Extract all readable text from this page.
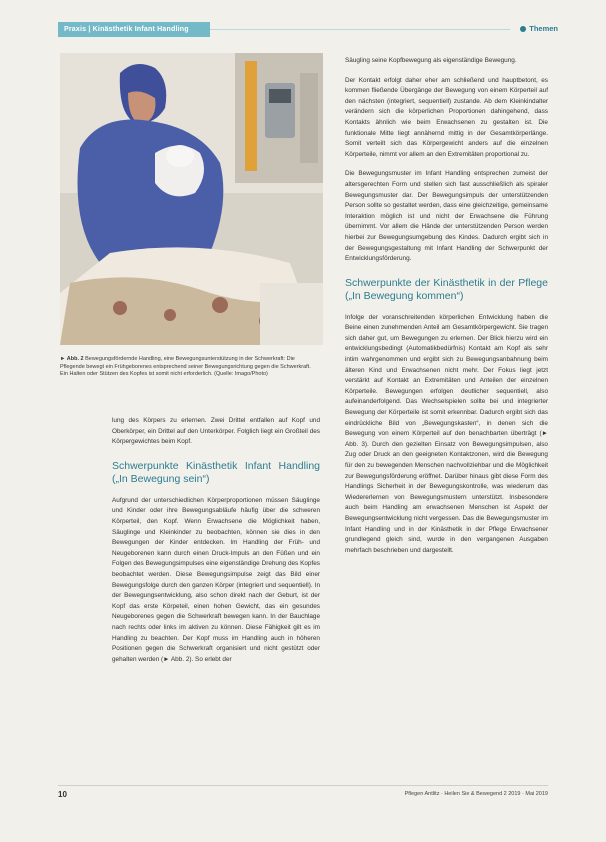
Praxis | Kinästhetik Infant Handling	Themen
► Abb. 2 Bewegungsfördernde Handling, eine Bewegungsunterstützung in der Schwerkraft: Die Pflegende bewegt ein Frühgeborenes entsprechend seiner Bewegungsrichtung gegen die Schwerkraft. Ein Halten oder Stützen des Kopfes ist somit nicht erforderlich. (Quelle: Imago/Photo)

lung des Körpers zu erlernen. Zwei Drittel entfallen auf Kopf und Oberkörper, ein Drittel auf den Unterkörper. Folglich liegt ein Großteil des Körpergewichtes beim Kopf.

Schwerpunkte Kinästhetik Infant Handling („In Bewegung sein“)

Aufgrund der unterschiedlichen Körperproportionen müssen Säuglinge und Kinder oder ihre Bewegungsabläufe häufig über die schweren Körperteil, den Kopf. Wenn Erwachsene die Möglichkeit haben, Säuglinge und Kleinkinder zu beobachten, können sie dies in den Bewegungen der Kinder entdecken. Im Handling der Früh- und Neugeborenen kann durch einen Druck-Impuls an den Füßen und ein Folgen des Bewegungsimpulses eine eigenständige Drehung des Kopfes beobachtet werden. Diese Bewegungsimpulse zeigt das Bild einer Bewegungsfolge durch den ganzen Körper (integriert und sequentiell). In der Bewegungsentwicklung, also schon direkt nach der Geburt, ist der Kopf das erste Körpeteil, einen hohen Gewicht, das ein gesundes Neugeborenes gegen die Schwerkraft bewegen kann. In der Bauchlage nach rechts oder links im aktiven zu können. Diese Fähigkeit gilt es im Handling zu beachten. Der Kopf muss im Handling auch in höheren Positionen gegen die Schwerkraft organisiert und nicht gestützt oder gehalten werden (► Abb. 2). So erlebt der

Säugling seine Kopfbewegung als eigenständige Bewegung.

Der Kontakt erfolgt daher eher am schließend und hauptbetont, es kommen fließende Übergänge der Bewegung von einem Körperteil auf den nächsten (integriert, sequentiell) zustande. Ab dem Kleinkindalter verändern sich die körperlichen Proportionen dahingehend, dass Kontakts ähnlich wie beim Erwachsenen zu gestalten ist. Die funktionale Mitte liegt annähernd mittig in der Gesamtkörperlänge. Somit verteilt sich das Körpergewicht anders auf die einzelnen Körperteile, nimmt vor allem an den Extremitäten proportional zu.

Die Bewegungsmuster im Infant Handling entsprechen zumeist der altersgerechten Form und stellen sich fast ausschließlich als spiraler Bewegungsmuster dar. Der Bewegungsimpuls der unterstützenden Person sollte so gestaltet werden, dass eine gleichzeitige, gemeinsame Interaktion möglich ist und nicht der Erwachsene die Führung übernimmt. Vor allem die Hände der unterstützenden Person werden hierbei zur Bewegungsumgebung des Kindes. Dadurch ergibt sich in der Bewegungsgestaltung mit Infant Handling der Schwerpunkt der Entwicklungsförderung.

Schwerpunkte der Kinästhetik in der Pflege („In Bewegung kommen“)

Infolge der voranschreitenden körperlichen Entwicklung haben die Beine einen zunehmenden Anteil am Gesamtkörpergewicht. Sie tragen sich daher gut, um Bewegungen zu erlernen. Der Blick hierzu wird ein entwicklungsbedingt (Automatikbedürfnis) Kontakt am Kopf als sehr intim wahrgenommen und ergibt sich zu Bewegungsanbahnung beim älteren Kind und Erwachsenen nicht mehr. Der Fokus liegt jetzt verstärkt auf Kontakt an Extremitäten und Anteilen der einzelnen Körperteile. Bewegungen erfolgen deutlicher sequentiell, also aufeinanderfolgend. Das Wechselspielen sollte bei und integrierter Bewegung der Körperteile ist somit erkennbar. Dadurch ergibt sich das eindrückliche Bild von „Bewegungskasten“, in denen sich die Bewegung von einem Körperteil auf den benachbarten überträgt (► Abb. 3). Durch den gezielten Einsatz von Bewegungsimpulsen, also Zug oder Druck an den geeigneten Kontaktzonen, wird die Bewegung für den zu bewegenden Menschen nachvollziehbar und die Möglichkeit zur Bewegungsförderung eröffnet. Darüber hinaus gibt diese Form des Handlings Sicherheit in der Bewegungskontrolle, was wiederum das Wiedererlernen von Bewegungsmustern unterstützt. Insbesondere auch beim Handling am erwachsenen Menschen ist Aspekt der Bewegungsentwicklung nicht vergessen. Das die Bewegungsmuster im Infant Handling und in der Kinästhetik in der Pflege Erwachsener grundlegend gleich sind, wurde in den vergangenen Ausgaben mehrfach beschrieben und dargestellt.

10	Pflegen Antlitz · Heilen Sie & Bewegend 2 2019 · Mai 2019
